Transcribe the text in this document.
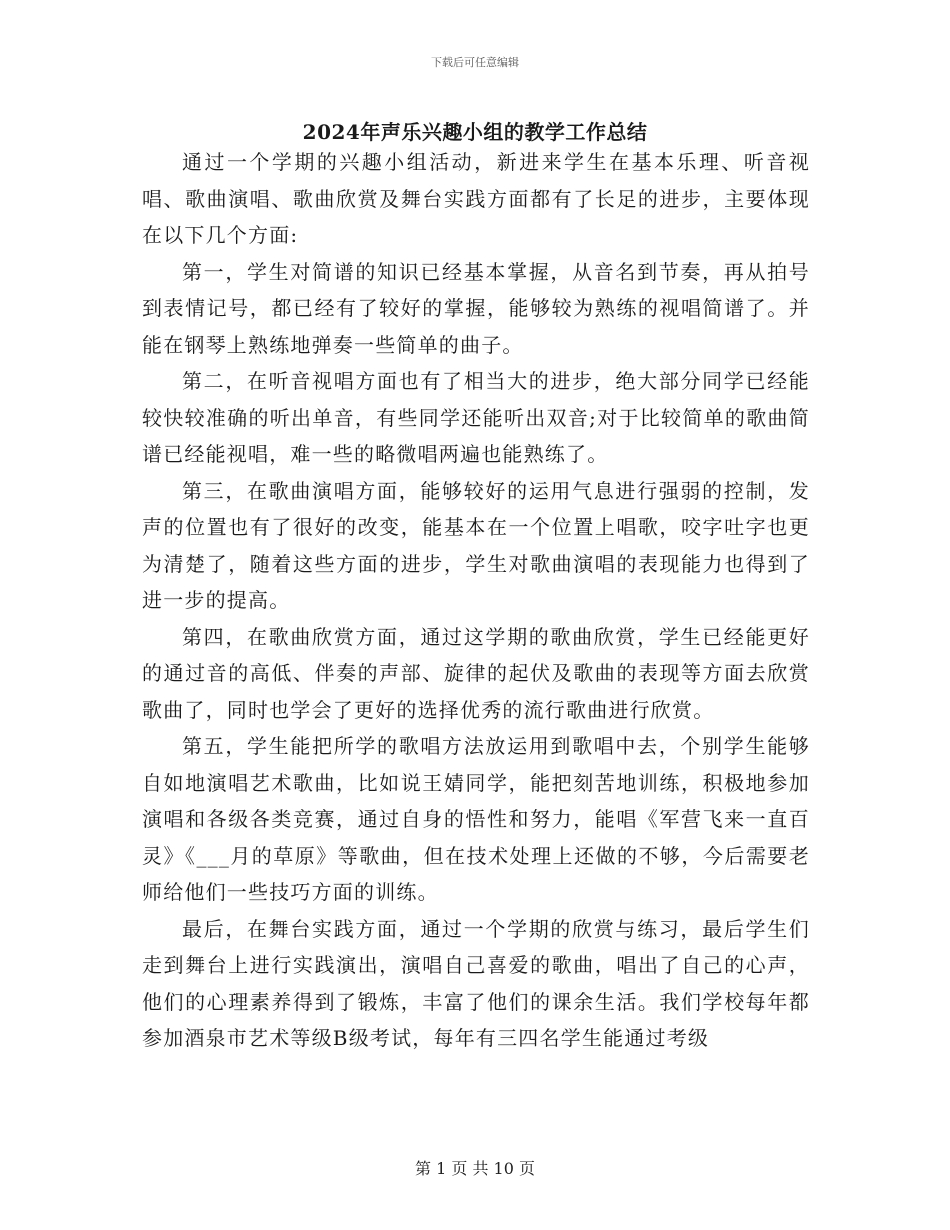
下载后可任意编辑
2024年声乐兴趣小组的教学工作总结

通过一个学期的兴趣小组活动，新进来学生在基本乐理、听音视唱、歌曲演唱、歌曲欣赏及舞台实践方面都有了长足的进步，主要体现在以下几个方面:

第一，学生对简谱的知识已经基本掌握，从音名到节奏，再从拍号到表情记号，都已经有了较好的掌握，能够较为熟练的视唱简谱了。并能在钢琴上熟练地弹奏一些简单的曲子。

第二，在听音视唱方面也有了相当大的进步，绝大部分同学已经能较快较准确的听出单音，有些同学还能听出双音;对于比较简单的歌曲简谱已经能视唱，难一些的略微唱两遍也能熟练了。

第三，在歌曲演唱方面，能够较好的运用气息进行强弱的控制，发声的位置也有了很好的改变，能基本在一个位置上唱歌，咬字吐字也更为清楚了，随着这些方面的进步，学生对歌曲演唱的表现能力也得到了进一步的提高。

第四，在歌曲欣赏方面，通过这学期的歌曲欣赏，学生已经能更好的通过音的高低、伴奏的声部、旋律的起伏及歌曲的表现等方面去欣赏歌曲了，同时也学会了更好的选择优秀的流行歌曲进行欣赏。

第五，学生能把所学的歌唱方法放运用到歌唱中去，个别学生能够自如地演唱艺术歌曲，比如说王婧同学，能把刻苦地训练，积极地参加演唱和各级各类竞赛，通过自身的悟性和努力，能唱《军营飞来一直百灵》《___月的草原》等歌曲，但在技术处理上还做的不够，今后需要老师给他们一些技巧方面的训练。

最后，在舞台实践方面，通过一个学期的欣赏与练习，最后学生们走到舞台上进行实践演出，演唱自己喜爱的歌曲，唱出了自己的心声，他们的心理素养得到了锻炼，丰富了他们的课余生活。我们学校每年都参加酒泉市艺术等级B级考试，每年有三四名学生能通过考级

第 1 页 共 10 页
